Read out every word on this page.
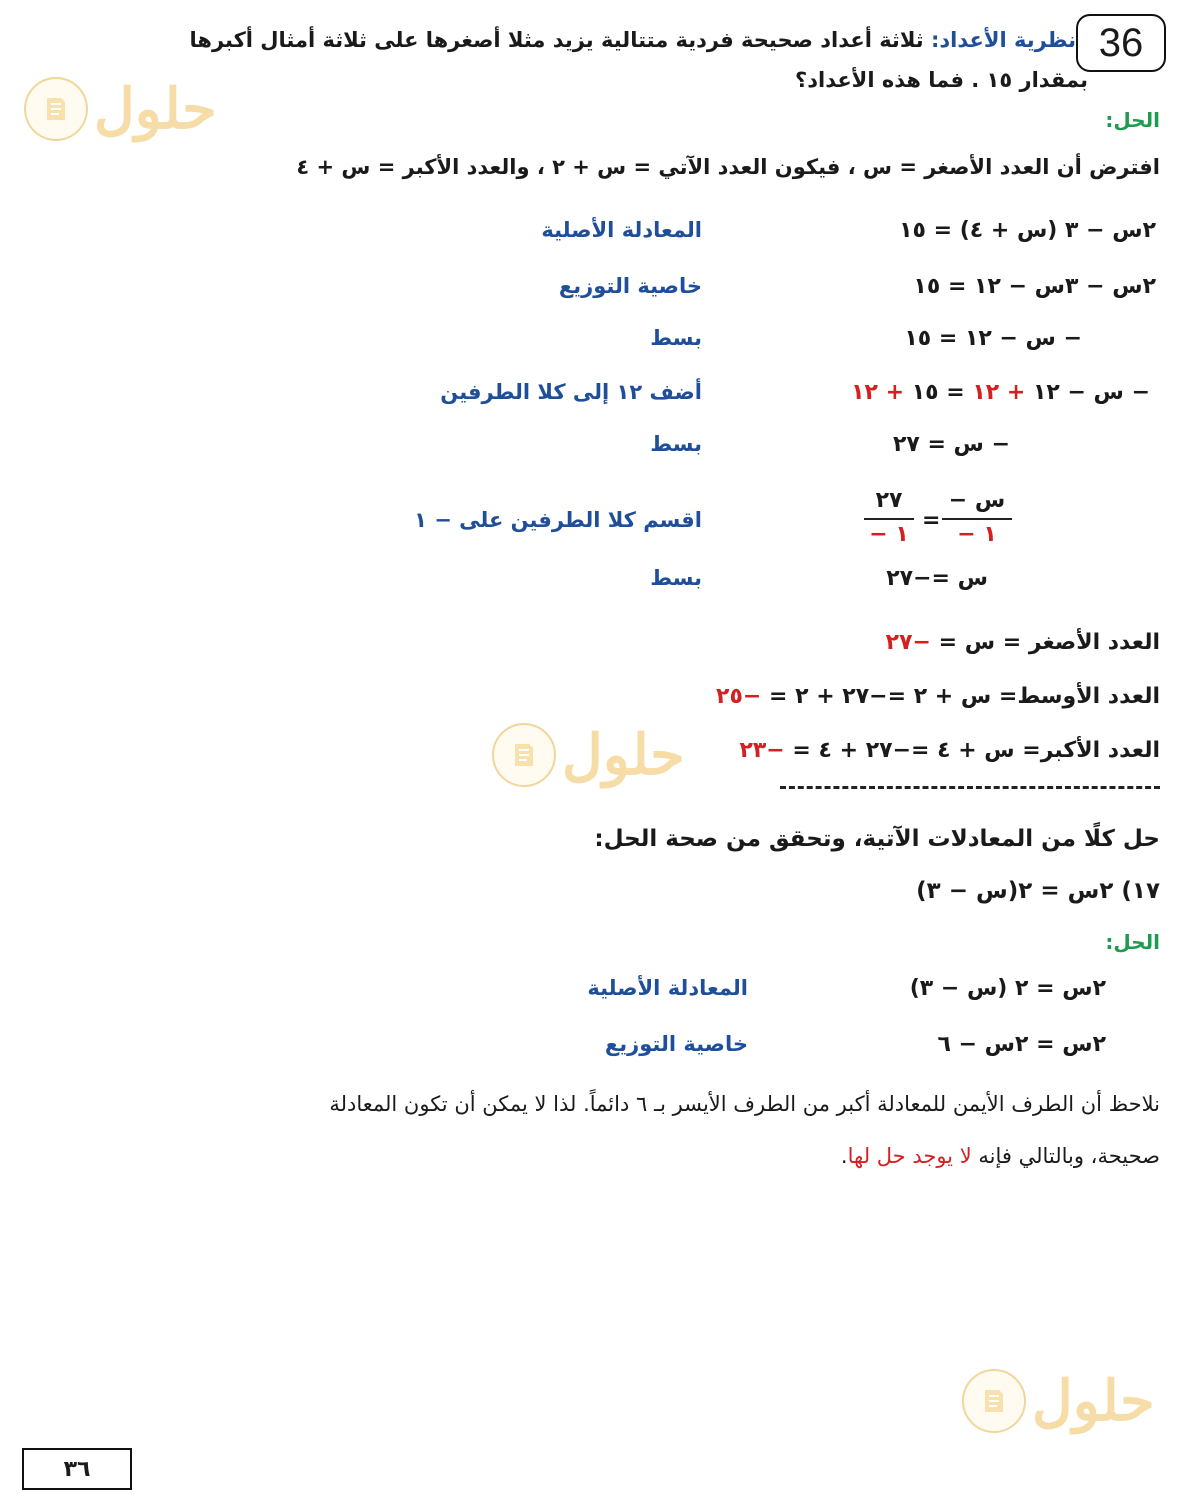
36
نظرية الأعداد: ثلاثة أعداد صحيحة فردية متتالية يزيد مثلا أصغرها على ثلاثة أمثال أكبرها
بمقدار ١٥ . فما هذه الأعداد؟
الحل:
افترض أن العدد الأصغر = س ، فيكون العدد الآتي = س + ٢ ، والعدد الأكبر = س + ٤
٢س − ٣ (س + ٤) = ١٥
المعادلة الأصلية
٢س − ٣س − ١٢ = ١٥
خاصية التوزيع
− س − ١٢ = ١٥
بسط
− س − ١٢ + ١٢ = ١٥ + ١٢
أضف ١٢ إلى كلا الطرفين
− س = ٢٧
بسط
− س
− ١
=
٢٧
− ١
اقسم كلا الطرفين على − ١
س =−٢٧
بسط
العدد الأصغر = س = −٢٧
العدد الأوسط= س + ٢ =−٢٧ + ٢ = −٢٥
العدد الأكبر= س + ٤ =−٢٧ + ٤ = −٢٣
حل كلًا من المعادلات الآتية، وتحقق من صحة الحل:
١٧) ٢س = ٢(س − ٣)
الحل:
٢س = ٢ (س − ٣)
المعادلة الأصلية
٢س = ٢س − ٦
خاصية التوزيع
نلاحظ أن الطرف الأيمن للمعادلة أكبر من الطرف الأيسر بـ ٦ دائماً. لذا لا يمكن أن تكون المعادلة
صحيحة، وبالتالي فإنه لا يوجد حل لها.
حلول
حلول
حلول
٣٦
